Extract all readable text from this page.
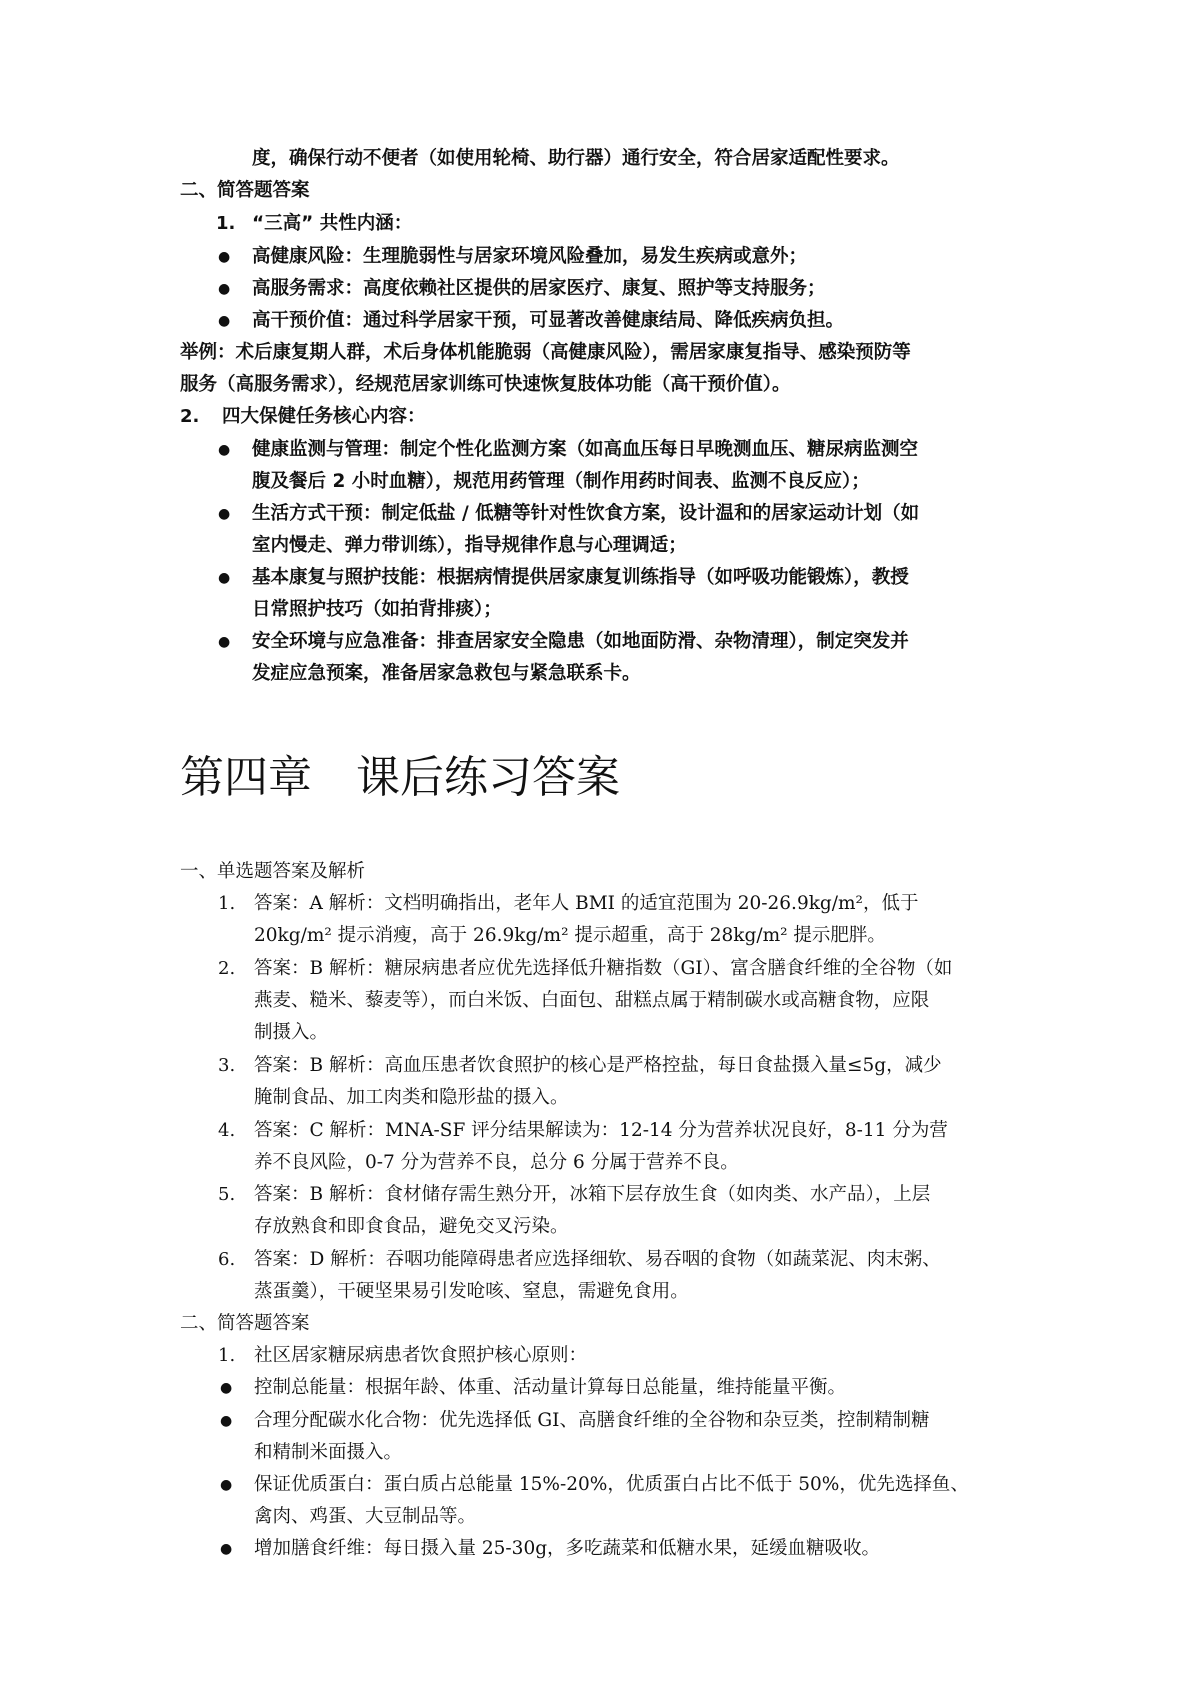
度，确保行动不便者（如使用轮椅、助行器）通行安全，符合居家适配性要求。
二、简答题答案
1. “三高” 共性内涵：
● 高健康风险：生理脆弱性与居家环境风险叠加，易发生疾病或意外；
● 高服务需求：高度依赖社区提供的居家医疗、康复、照护等支持服务；
● 高干预价值：通过科学居家干预，可显著改善健康结局、降低疾病负担。
举例：术后康复期人群，术后身体机能脆弱（高健康风险），需居家康复指导、感染预防等
服务（高服务需求），经规范居家训练可快速恢复肢体功能（高干预价值）。
2. 四大保健任务核心内容：
● 健康监测与管理：制定个性化监测方案（如高血压每日早晚测血压、糖尿病监测空
腹及餐后 2 小时血糖），规范用药管理（制作用药时间表、监测不良反应）；
● 生活方式干预：制定低盐 / 低糖等针对性饮食方案，设计温和的居家运动计划（如
室内慢走、弹力带训练），指导规律作息与心理调适；
● 基本康复与照护技能：根据病情提供居家康复训练指导（如呼吸功能锻炼），教授
日常照护技巧（如拍背排痰）；
● 安全环境与应急准备：排查居家安全隐患（如地面防滑、杂物清理），制定突发并
发症应急预案，准备居家急救包与紧急联系卡。
第四章　课后练习答案
一、单选题答案及解析
1. 答案：A 解析：文档明确指出，老年人 BMI 的适宜范围为 20-26.9kg/m²，低于
20kg/m² 提示消瘦，高于 26.9kg/m² 提示超重，高于 28kg/m² 提示肥胖。
2. 答案：B 解析：糖尿病患者应优先选择低升糖指数（GI）、富含膳食纤维的全谷物（如
燕麦、糙米、藜麦等），而白米饭、白面包、甜糕点属于精制碳水或高糖食物，应限
制摄入。
3. 答案：B 解析：高血压患者饮食照护的核心是严格控盐，每日食盐摄入量≤5g，减少
腌制食品、加工肉类和隐形盐的摄入。
4. 答案：C 解析：MNA-SF 评分结果解读为：12-14 分为营养状况良好，8-11 分为营
养不良风险，0-7 分为营养不良，总分 6 分属于营养不良。
5. 答案：B 解析：食材储存需生熟分开，冰箱下层存放生食（如肉类、水产品），上层
存放熟食和即食食品，避免交叉污染。
6. 答案：D 解析：吞咽功能障碍患者应选择细软、易吞咽的食物（如蔬菜泥、肉末粥、
蒸蛋羹），干硬坚果易引发呛咳、窒息，需避免食用。
二、简答题答案
1. 社区居家糖尿病患者饮食照护核心原则：
● 控制总能量：根据年龄、体重、活动量计算每日总能量，维持能量平衡。
● 合理分配碳水化合物：优先选择低 GI、高膳食纤维的全谷物和杂豆类，控制精制糖
和精制米面摄入。
● 保证优质蛋白：蛋白质占总能量 15%-20%，优质蛋白占比不低于 50%，优先选择鱼、
禽肉、鸡蛋、大豆制品等。
● 增加膳食纤维：每日摄入量 25-30g，多吃蔬菜和低糖水果，延缓血糖吸收。
